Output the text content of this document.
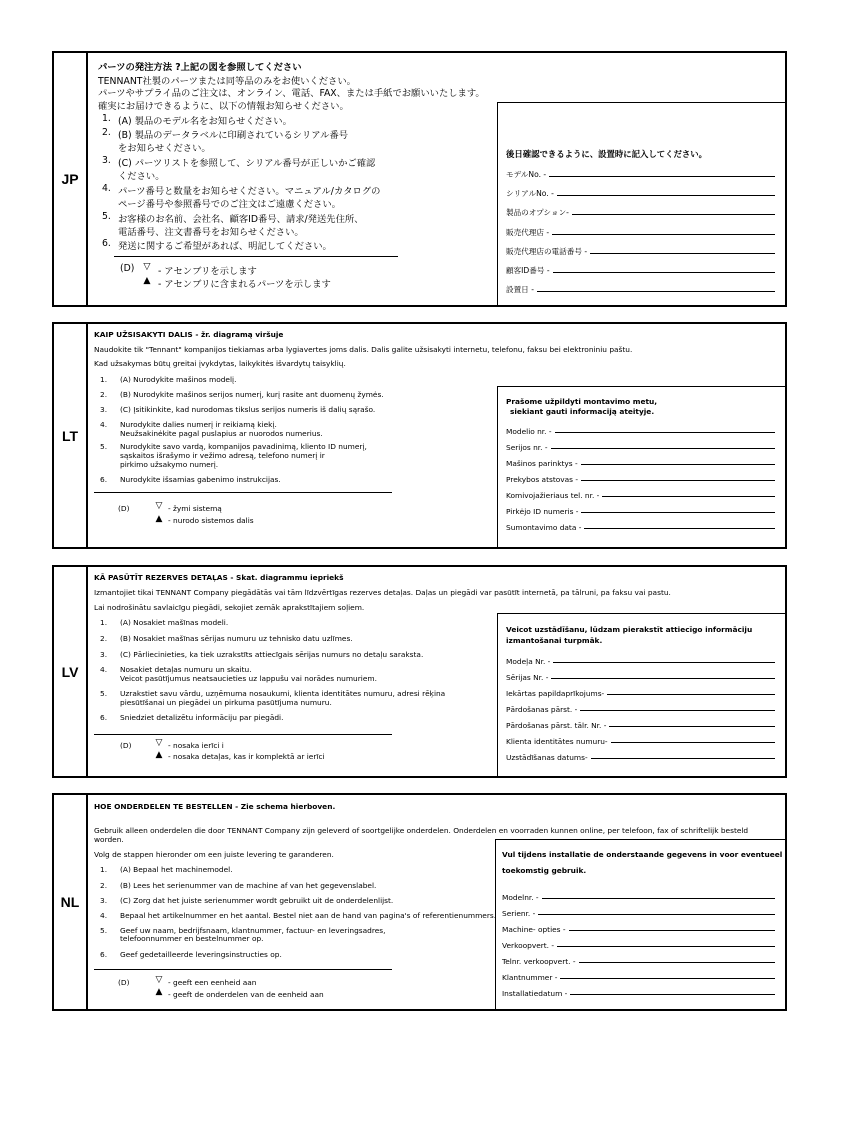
JP
パーツの発注方法 ?上記の図を参照してください
TENNANT社製のパーツまたは同等品のみをお使いください。
パーツやサプライ品のご注文は、オンライン、電話、FAX、または手紙でお願いいたします。
確実にお届けできるように、以下の情報お知らせください。
1. (A) 製品のモデル名をお知らせください。
2. (B) 製品のデータラベルに印刷されているシリアル番号
をお知らせください。
3. (C) パーツリストを参照して、シリアル番号が正しいかご確認
ください。
4. パーツ番号と数量をお知らせください。マニュアル/カタログの
ページ番号や参照番号でのご注文はご遠慮ください。
5. お客様のお名前、会社名、顧客ID番号、請求/発送先住所、
電話番号、注文書番号をお知らせください。
6. 発送に関するご希望があれば、明記してください。
(D) ▽ - アセンブリを示します
▲ - アセンブリに含まれるパーツを示します
後日確認できるように、設置時に記入してください。
モデルNo. -
シリアルNo. -
製品のオプション-
販売代理店 -
販売代理店の電話番号 -
顧客ID番号 -
設置日 -
LT
KAIP UŽSISAKYTI DALIS - žr. diagramą viršuje
Naudokite tik "Tennant" kompanijos tiekiamas arba lygiavertes joms dalis. Dalis galite užsisakyti internetu, telefonu, faksu bei elektroniniu paštu.
Kad užsakymas būtų greitai įvykdytas, laikykitės išvardytų taisyklių.
1. (A) Nurodykite mašinos modelį.
2. (B) Nurodykite mašinos serijos numerį, kurį rasite ant duomenų žymės.
3. (C) Įsitikinkite, kad nurodomas tikslus serijos numeris iš dalių sąrašo.
4. Nurodykite dalies numerį ir reikiamą kiekį.
Neužsakinėkite pagal puslapius ar nuorodos numerius.
5. Nurodykite savo vardą, kompanijos pavadinimą, kliento ID numerį,
sąskaitos išrašymo ir vežimo adresą, telefono numerį ir
pirkimo užsakymo numerį.
6. Nurodykite išsamias gabenimo instrukcijas.
(D)	▽ - žymi sistemą
▲ - nurodo sistemos dalis
Prašome užpildyti montavimo metu,
siekiant gauti informaciją ateityje.
Modelio nr. -
Serijos nr. -
Mašinos parinktys -
Prekybos atstovas -
Komivojažieriaus tel. nr. -
Pirkėjo ID numeris -
Sumontavimo data -
LV
KĀ PASŪTĪT REZERVES DETAĻAS - Skat. diagrammu iepriekš
Izmantojiet tikai TENNANT Company piegādātās vai tām līdzvērtīgas rezerves detaļas. Daļas un piegādi var pasūtīt internetā, pa tālruni, pa faksu vai pastu.
Lai nodrošinātu savlaicīgu piegādi, sekojiet zemāk aprakstītajiem soļiem.
1. (A) Nosakiet mašīnas modeli.
2. (B) Nosakiet mašīnas sērijas numuru uz tehnisko datu uzlīmes.
3. (C) Pārliecinieties, ka tiek uzrakstīts attiecīgais sērijas numurs no detaļu saraksta.
4. Nosakiet detaļas numuru un skaitu.
Veicot pasūtījumus neatsaucieties uz lappušu vai norādes numuriem.
5. Uzrakstiet savu vārdu, uzņēmuma nosaukumi, klienta identitātes numuru, adresi rēķina
piesūtīšanai un piegādei un pirkuma pasūtījuma numuru.
6. Sniedziet detalizētu informāciju par piegādi.
(D)	▽ - nosaka ierīci i
▲ - nosaka detaļas, kas ir komplektā ar ierīci
Veicot uzstādīšanu, lūdzam pierakstīt attiecīgo informāciju
izmantošanai turpmāk.
Modeļa Nr. -
Sērijas Nr. -
Iekārtas papildaprīkojums-
Pārdošanas pārst. -
Pārdošanas pārst. tālr. Nr. -
Klienta identitātes numuru-
Uzstādīšanas datums-
NL
HOE ONDERDELEN TE BESTELLEN - Zie schema hierboven.
Gebruik alleen onderdelen die door TENNANT Company zijn geleverd of soortgelijke onderdelen. Onderdelen en voorraden kunnen online, per telefoon, fax of schriftelijk besteld
worden.
Volg de stappen hieronder om een juiste levering te garanderen.
1. (A) Bepaal het machinemodel.
2. (B) Lees het serienummer van de machine af van het gegevenslabel.
3. (C) Zorg dat het juiste serienummer wordt gebruikt uit de onderdelenlijst.
4. Bepaal het artikelnummer en het aantal. Bestel niet aan de hand van pagina's of referentienummers.
5. Geef uw naam, bedrijfsnaam, klantnummer, factuur- en leveringsadres,
telefoonnummer en bestelnummer op.
6. Geef gedetailleerde leveringsinstructies op.
(D)	▽ - geeft een eenheid aan
▲ - geeft de onderdelen van de eenheid aan
Vul tijdens installatie de onderstaande gegevens in voor eventueel
toekomstig gebruik.
Modelnr. -
Serienr. -
Machine- opties -
Verkoopvert. -
Telnr. verkoopvert. -
Klantnummer -
Installatiedatum -
